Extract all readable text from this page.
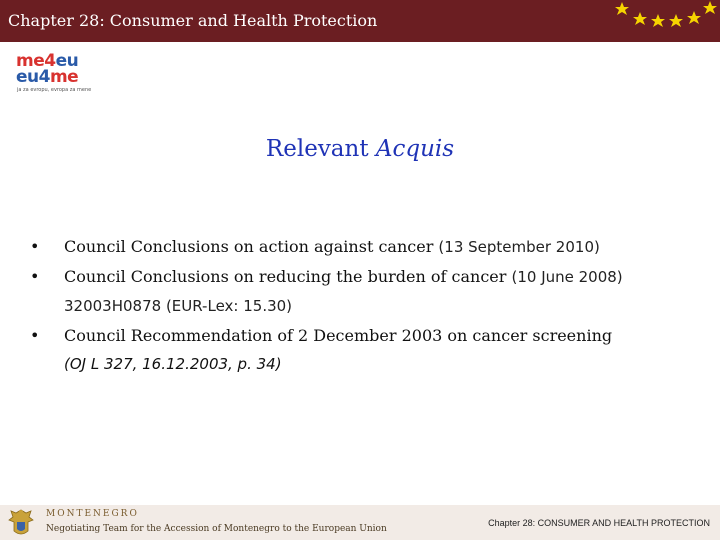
Chapter 28: Consumer and Health Protection
me4eu
eu4me
ja za evropu, evropa za mene
Relevant Acquis
• Council Conclusions on action against cancer (13 September 2010)
• Council Conclusions on reducing the burden of cancer (10 June 2008)
32003H0878 (EUR-Lex: 15.30)
• Council Recommendation of 2 December 2003 on cancer screening
(OJ L 327, 16.12.2003, p. 34)
MONTENEGRO
Negotiating Team for the Accession of Montenegro to the European Union
Chapter 28: CONSUMER AND HEALTH PROTECTION
